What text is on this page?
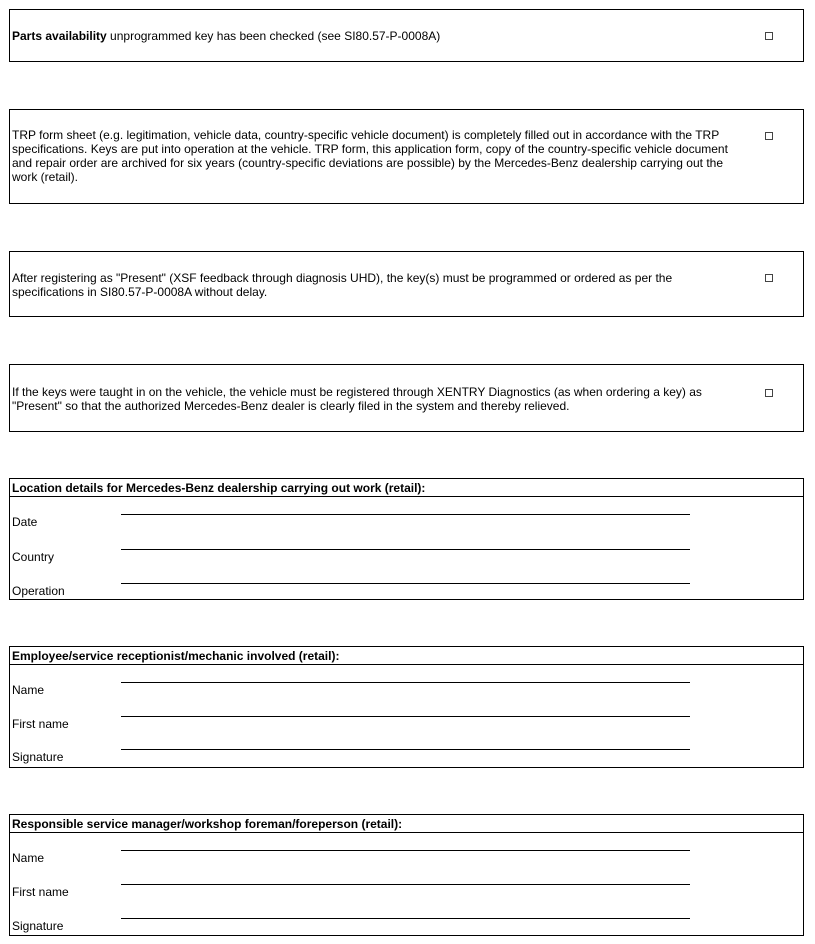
Parts availability unprogrammed key has been checked (see SI80.57-P-0008A)
TRP form sheet (e.g. legitimation, vehicle data, country-specific vehicle document) is completely filled out in accordance with the TRP specifications. Keys are put into operation at the vehicle. TRP form, this application form, copy of the country-specific vehicle document and repair order are archived for six years (country-specific deviations are possible) by the Mercedes-Benz dealership carrying out the work (retail).
After registering as "Present" (XSF feedback through diagnosis UHD), the key(s) must be programmed or ordered as per the specifications in SI80.57-P-0008A without delay.
If the keys were taught in on the vehicle, the vehicle must be registered through XENTRY Diagnostics (as when ordering a key) as "Present" so that the authorized Mercedes-Benz dealer is clearly filed in the system and thereby relieved.
Location details for Mercedes-Benz dealership carrying out work (retail):
Date
Country
Operation
Employee/service receptionist/mechanic involved (retail):
Name
First name
Signature
Responsible service manager/workshop foreman/foreperson (retail):
Name
First name
Signature
